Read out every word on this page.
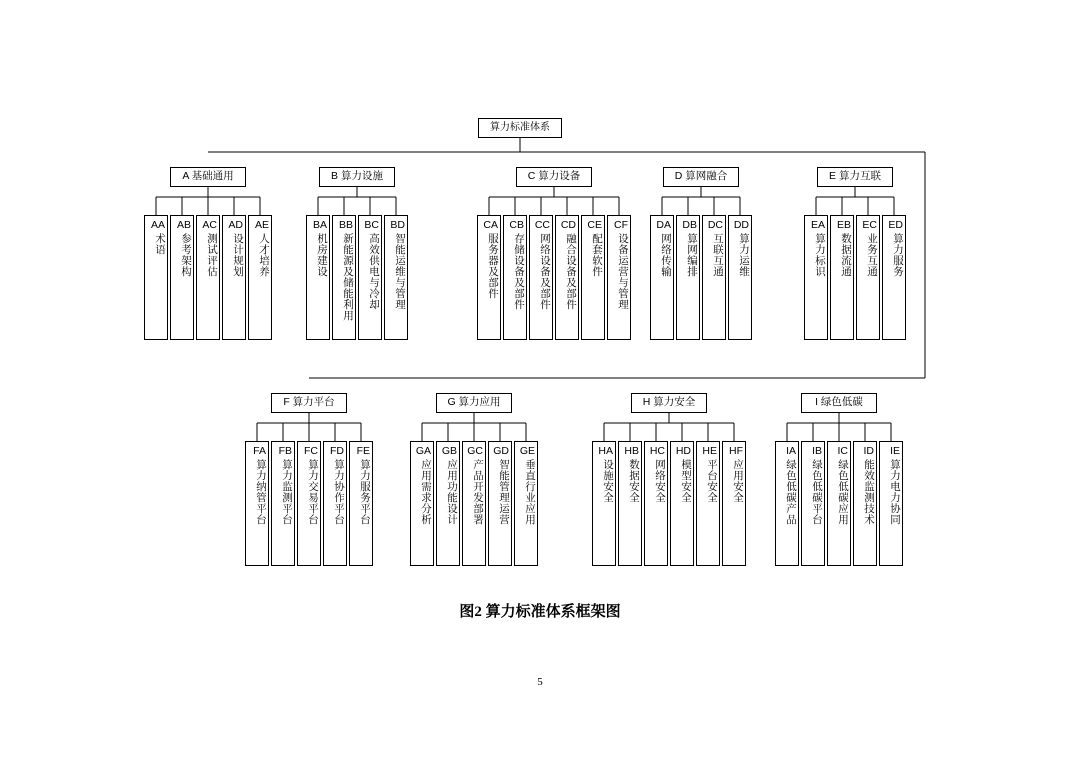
算力标准体系
A 基础通用
AA
术语
AB
参考架构
AC
测试评估
AD
设计规划
AE
人才培养
B 算力设施
BA
机房建设
BB
新能源及储能利用
BC
高效供电与冷却
BD
智能运维与管理
C 算力设备
CA
服务器及部件
CB
存储设备及部件
CC
网络设备及部件
CD
融合设备及部件
CE
配套软件
CF
设备运营与管理
D 算网融合
DA
网络传输
DB
算网编排
DC
互联互通
DD
算力运维
E 算力互联
EA
算力标识
EB
数据流通
EC
业务互通
ED
算力服务
F 算力平台
FA
算力纳管平台
FB
算力监测平台
FC
算力交易平台
FD
算力协作平台
FE
算力服务平台
G 算力应用
GA
应用需求分析
GB
应用功能设计
GC
产品开发部署
GD
智能管理运营
GE
垂直行业应用
H 算力安全
HA
设施安全
HB
数据安全
HC
网络安全
HD
模型安全
HE
平台安全
HF
应用安全
I 绿色低碳
IA
绿色低碳产品
IB
绿色低碳平台
IC
绿色低碳应用
ID
能效监测技术
IE
算力电力协同
图2 算力标准体系框架图
5
